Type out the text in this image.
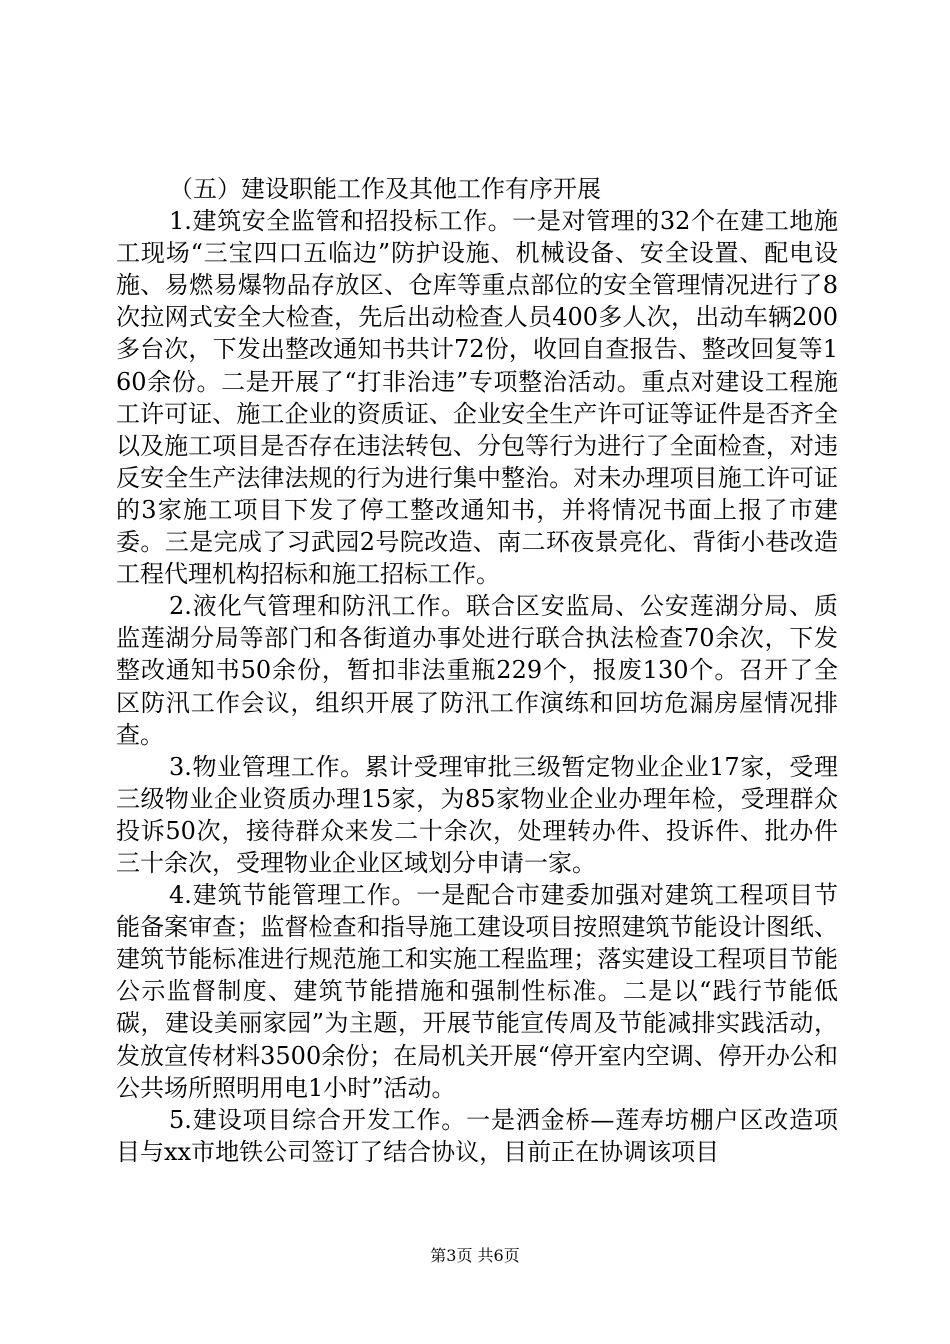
（五）建设职能工作及其他工作有序开展

1.建筑安全监管和招投标工作。一是对管理的32个在建工地施工现场“三宝四口五临边”防护设施、机械设备、安全设置、配电设施、易燃易爆物品存放区、仓库等重点部位的安全管理情况进行了8次拉网式安全大检查，先后出动检查人员400多人次，出动车辆200多台次，下发出整改通知书共计72份，收回自查报告、整改回复等160余份。二是开展了“打非治违”专项整治活动。重点对建设工程施工许可证、施工企业的资质证、企业安全生产许可证等证件是否齐全以及施工项目是否存在违法转包、分包等行为进行了全面检查，对违反安全生产法律法规的行为进行集中整治。对未办理项目施工许可证的3家施工项目下发了停工整改通知书，并将情况书面上报了市建委。三是完成了习武园2号院改造、南二环夜景亮化、背街小巷改造工程代理机构招标和施工招标工作。

2.液化气管理和防汛工作。联合区安监局、公安莲湖分局、质监莲湖分局等部门和各街道办事处进行联合执法检查70余次，下发整改通知书50余份，暂扣非法重瓶229个，报废130个。召开了全区防汛工作会议，组织开展了防汛工作演练和回坊危漏房屋情况排查。

3.物业管理工作。累计受理审批三级暂定物业企业17家，受理三级物业企业资质办理15家，为85家物业企业办理年检，受理群众投诉50次，接待群众来发二十余次，处理转办件、投诉件、批办件三十余次，受理物业企业区域划分申请一家。

4.建筑节能管理工作。一是配合市建委加强对建筑工程项目节能备案审查；监督检查和指导施工建设项目按照建筑节能设计图纸、建筑节能标准进行规范施工和实施工程监理；落实建设工程项目节能公示监督制度、建筑节能措施和强制性标准。二是以“践行节能低碳，建设美丽家园”为主题，开展节能宣传周及节能减排实践活动，发放宣传材料3500余份；在局机关开展“停开室内空调、停开办公和公共场所照明用电1小时”活动。

5.建设项目综合开发工作。一是洒金桥—莲寿坊棚户区改造项目与xx市地铁公司签订了结合协议，目前正在协调该项目

第3页 共6页
